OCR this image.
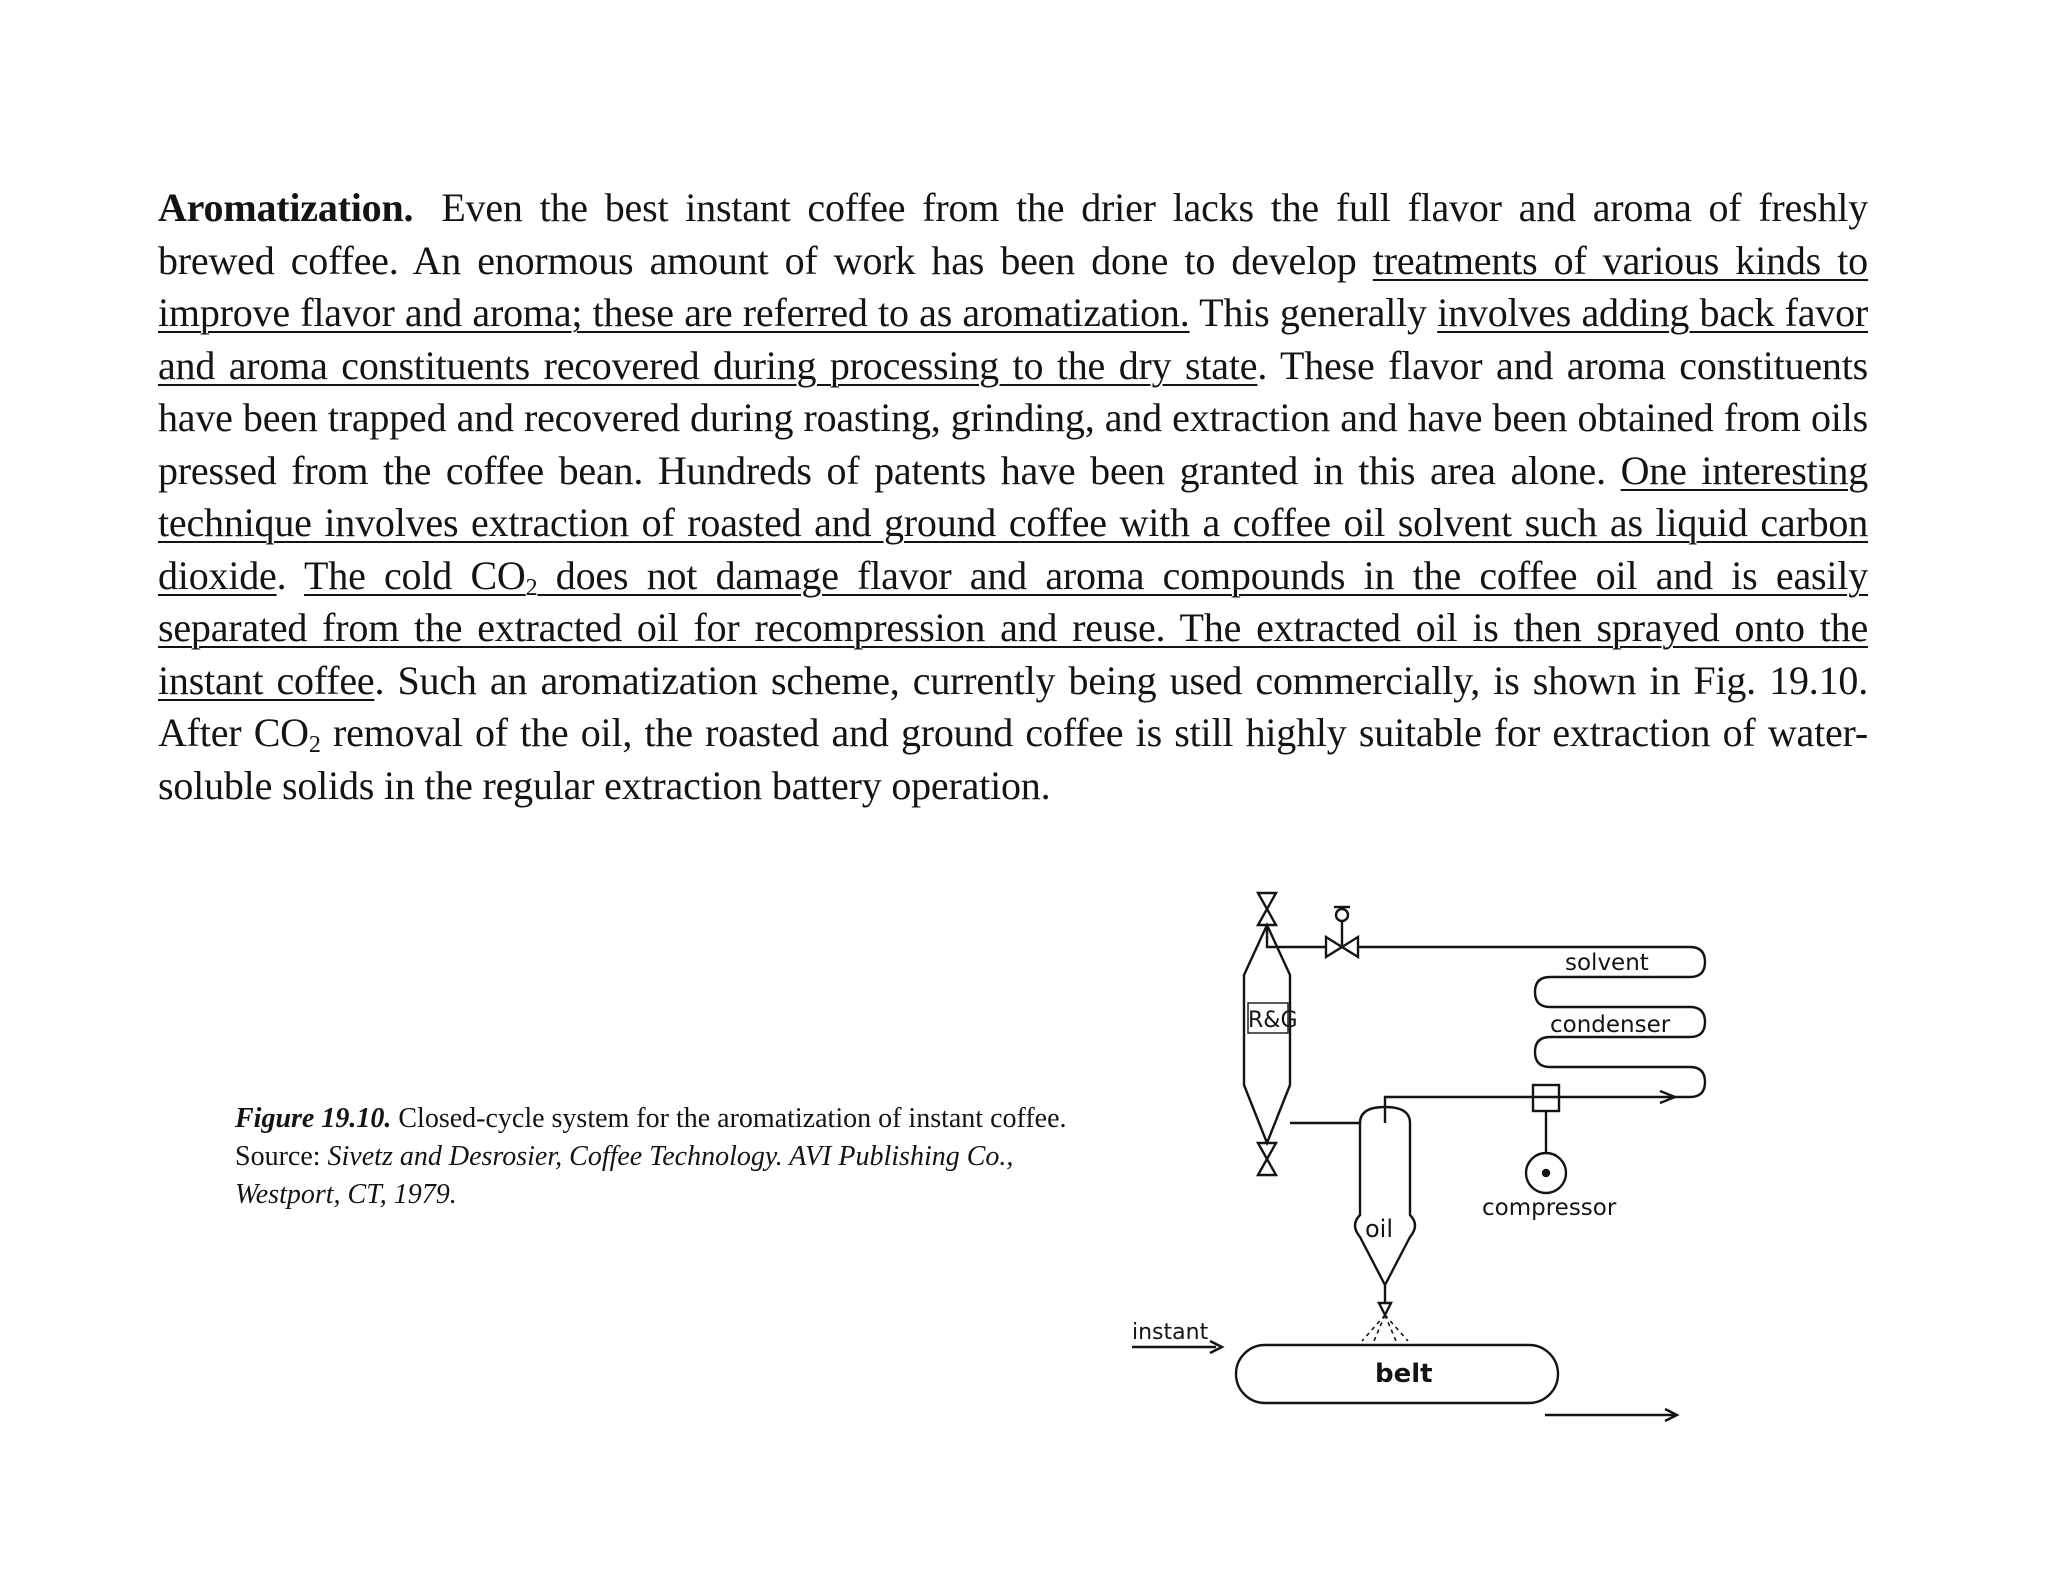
Aromatization. Even the best instant coffee from the drier lacks the full flavor and aroma of freshly brewed coffee. An enormous amount of work has been done to develop treatments of various kinds to improve flavor and aroma; these are referred to as aromatization. This generally involves adding back favor and aroma constituents recovered during processing to the dry state. These flavor and aroma constituents have been trapped and recovered during roasting, grinding, and extraction and have been obtained from oils pressed from the coffee bean. Hundreds of patents have been granted in this area alone. One interesting technique involves extraction of roasted and ground coffee with a coffee oil solvent such as liquid carbon dioxide. The cold $CO_2$ does not damage flavor and aroma compounds in the coffee oil and is easily separated from the extracted oil for recompression and reuse. The extracted oil is then sprayed onto the instant coffee. Such an aromatization scheme, currently being used commercially, is shown in Fig. 19.10. After $CO_2$ removal of the oil, the roasted and ground coffee is still highly suitable for extraction of water-soluble solids in the regular extraction battery operation.

Figure 19.10. Closed-cycle system for the aromatization of instant coffee. Source: Sivetz and Desrosier, Coffee Technology. AVI Publishing Co., Westport, CT, 1979.
R&G
solvent
condenser
compressor
oil
instant
belt
